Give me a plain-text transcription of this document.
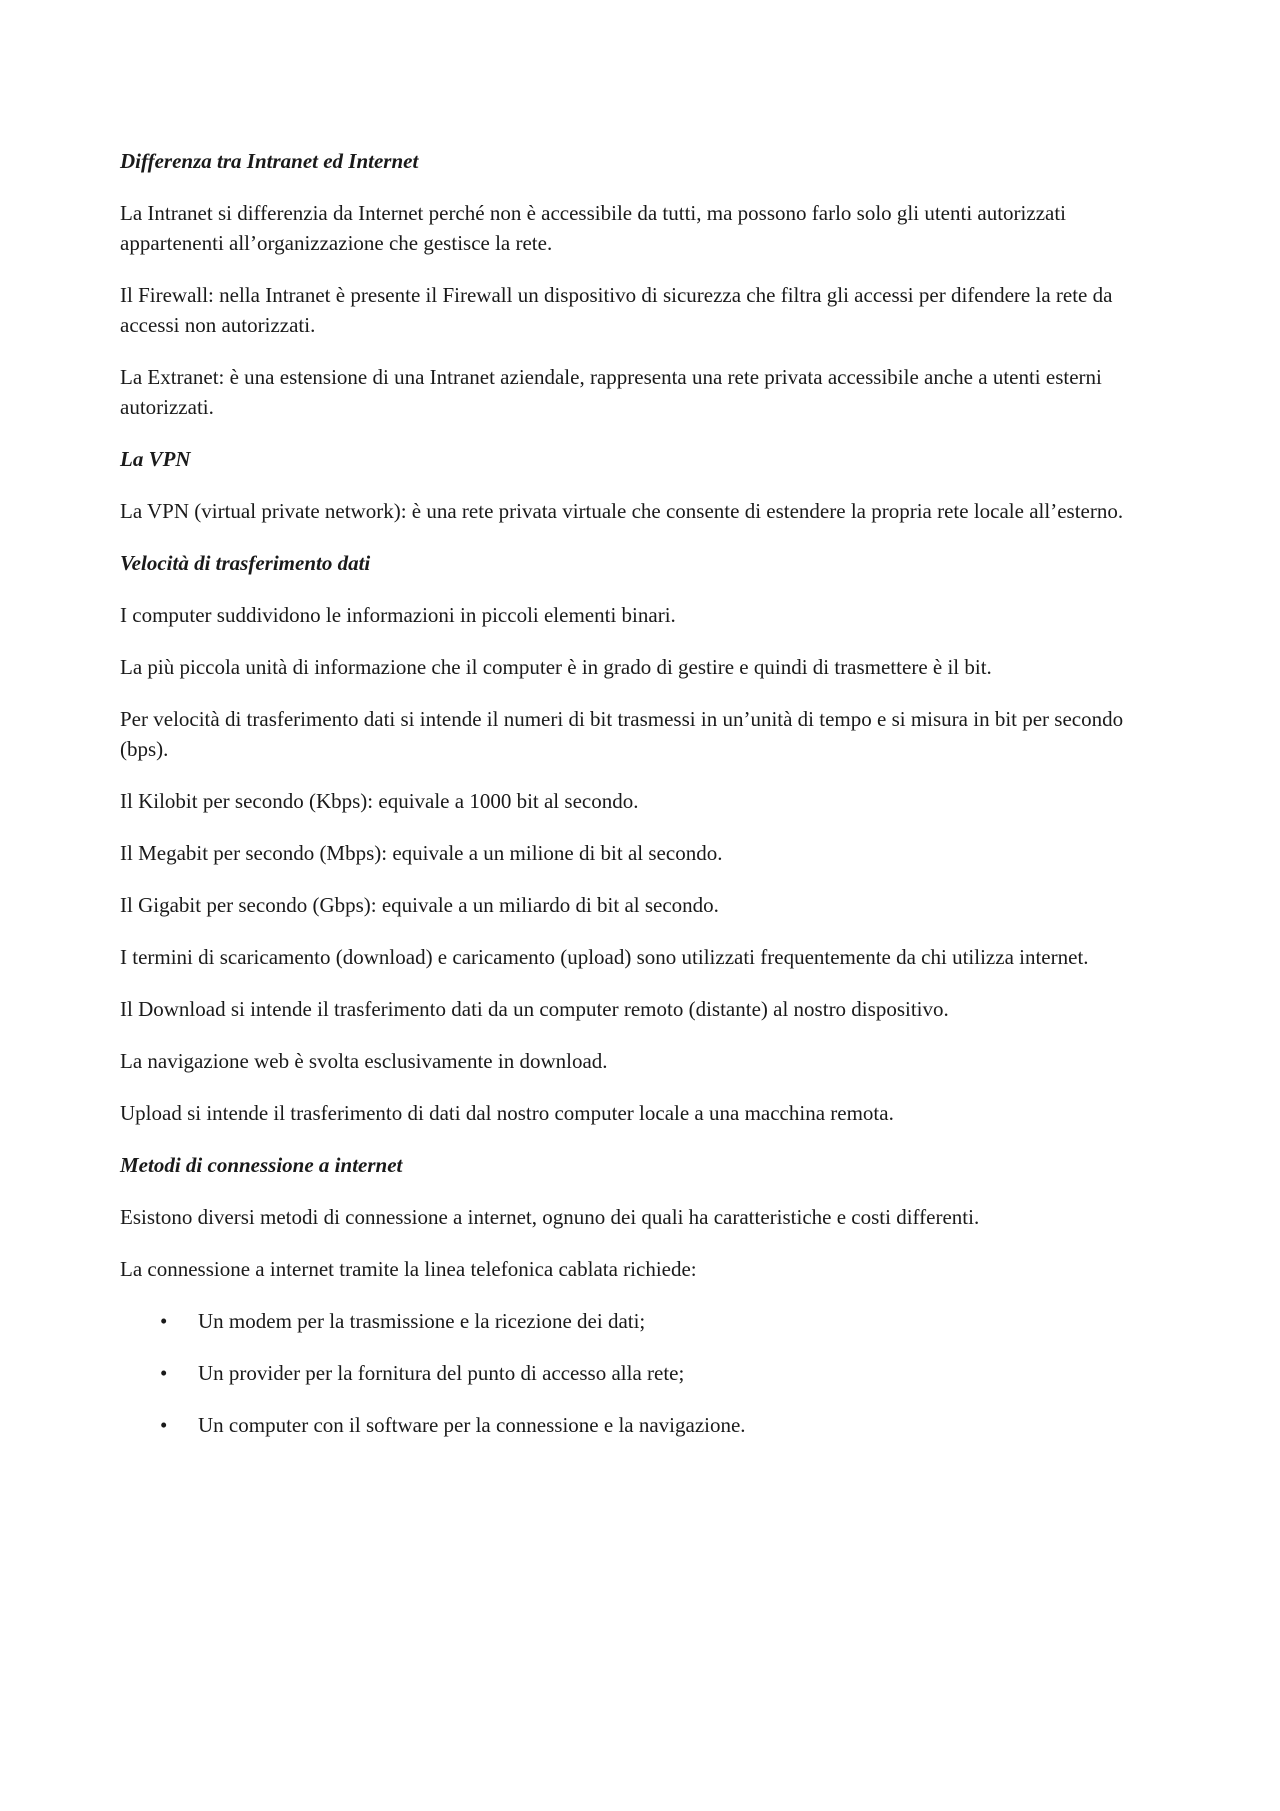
Differenza tra Intranet ed Internet

La Intranet si differenzia da Internet perché non è accessibile da tutti, ma possono farlo solo gli utenti autorizzati appartenenti all’organizzazione che gestisce la rete.

Il Firewall: nella Intranet è presente il Firewall un dispositivo di sicurezza che filtra gli accessi per difendere la rete da accessi non autorizzati.

La Extranet: è una estensione di una Intranet aziendale, rappresenta una rete privata accessibile anche a utenti esterni autorizzati.

La VPN

La VPN (virtual private network): è una rete privata virtuale che consente di estendere la propria rete locale all’esterno.

Velocità di trasferimento dati

I computer suddividono le informazioni in piccoli elementi binari.

La più piccola unità di informazione che il computer è in grado di gestire e quindi di trasmettere è il bit.

Per velocità di trasferimento dati si intende il numeri di bit trasmessi in un’unità di tempo e si misura in bit per secondo (bps).

Il Kilobit per secondo (Kbps): equivale a 1000 bit al secondo.

Il Megabit per secondo (Mbps): equivale a un milione di bit al secondo.

Il Gigabit per secondo (Gbps): equivale a un miliardo di bit al secondo.

I termini di scaricamento (download) e caricamento (upload) sono utilizzati frequentemente da chi utilizza internet.

Il Download si intende il trasferimento dati da un computer remoto (distante) al nostro dispositivo.

La navigazione web è svolta esclusivamente in download.

Upload si intende il trasferimento di dati dal nostro computer locale a una macchina remota.

Metodi di connessione a internet

Esistono diversi metodi di connessione a internet, ognuno dei quali ha caratteristiche e costi differenti.

La connessione a internet tramite la linea telefonica cablata richiede:

• Un modem per la trasmissione e la ricezione dei dati;
• Un provider per la fornitura del punto di accesso alla rete;
• Un computer con il software per la connessione e la navigazione.
